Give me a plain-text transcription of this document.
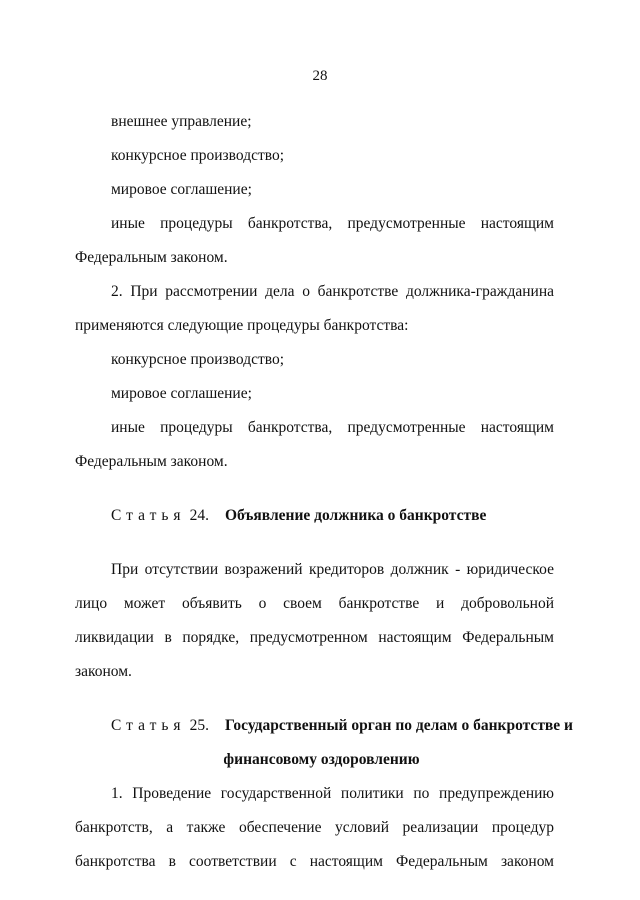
28
внешнее управление;
конкурсное производство;
мировое соглашение;
иные процедуры банкротства, предусмотренные настоящим
Федеральным законом.
2. При рассмотрении дела о банкротстве должника-гражданина
применяются следующие процедуры банкротства:
конкурсное производство;
мировое соглашение;
иные процедуры банкротства, предусмотренные настоящим
Федеральным законом.
Статья 24. Объявление должника о банкротстве
При отсутствии возражений кредиторов должник - юридическое
лицо может объявить о своем банкротстве и добровольной
ликвидации в порядке, предусмотренном настоящим Федеральным
законом.
Статья 25. Государственный орган по делам о банкротстве и
финансовому оздоровлению
1. Проведение государственной политики по предупреждению
банкротств, а также обеспечение условий реализации процедур
банкротства в соответствии с настоящим Федеральным законом
